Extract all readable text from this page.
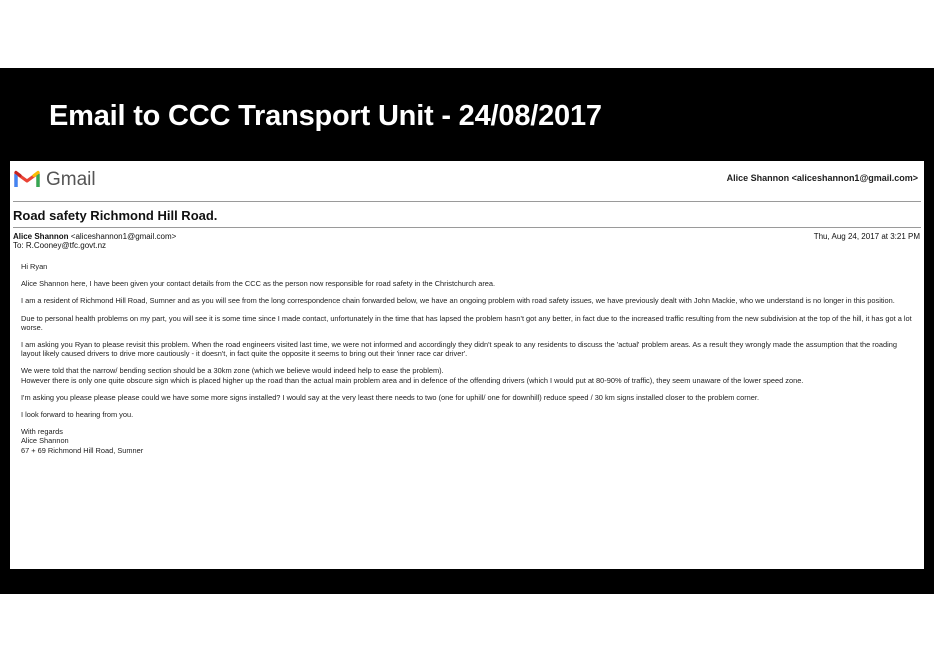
Email to CCC Transport Unit - 24/08/2017
Gmail	Alice Shannon <aliceshannon1@gmail.com>
Road safety Richmond Hill Road.
Alice Shannon <aliceshannon1@gmail.com>
To: R.Cooney@tfc.govt.nz
Thu, Aug 24, 2017 at 3:21 PM

Hi Ryan

Alice Shannon here, I have been given your contact details from the CCC as the person now responsible for road safety in the Christchurch area.

I am a resident of Richmond Hill Road, Sumner and as you will see from the long correspondence chain forwarded below, we have an ongoing problem with road safety issues, we have previously dealt with John Mackie, who we understand is no longer in this position.

Due to personal health problems on my part, you will see it is some time since I made contact, unfortunately in the time that has lapsed the problem hasn't got any better, in fact due to the increased traffic resulting from the new subdivision at the top of the hill, it has got a lot worse.

I am asking you Ryan to please revisit this problem. When the road engineers visited last time, we were not informed and accordingly they didn't speak to any residents to discuss the 'actual' problem areas. As a result they wrongly made the assumption that the roading layout likely caused drivers to drive more cautiously - it doesn't, in fact quite the opposite it seems to bring out their 'inner race car driver'.

We were told that the narrow/ bending section should be a 30km zone (which we believe would indeed help to ease the problem).

However there is only one quite obscure sign which is placed higher up the road than the actual main problem area and in defence of the offending drivers (which I would put at 80-90% of traffic), they seem unaware of the lower speed zone.

I'm asking you please please please could we have some more signs installed? I would say at the very least there needs to two (one for uphill/ one for downhill) reduce speed / 30 km signs installed closer to the problem corner.

I look forward to hearing from you.

With regards
Alice Shannon
67 + 69 Richmond Hill Road, Sumner
